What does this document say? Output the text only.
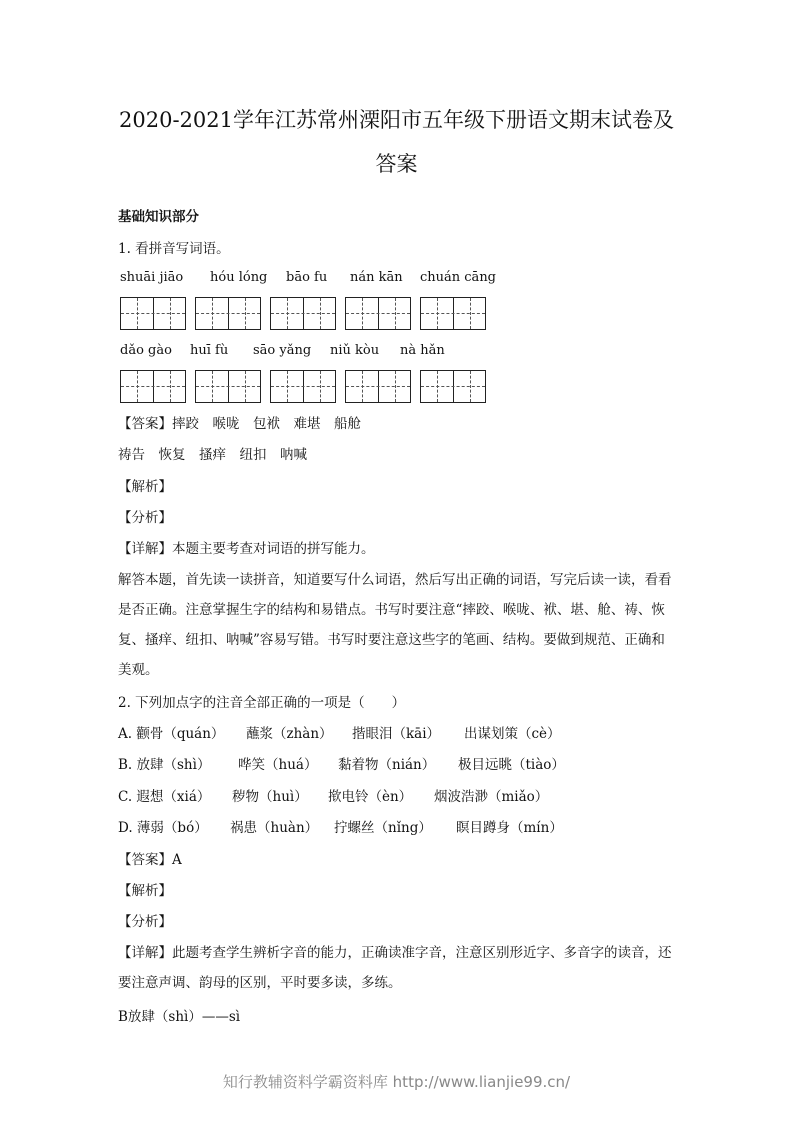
2020-2021学年江苏常州溧阳市五年级下册语文期末试卷及
答案
基础知识部分
1. 看拼音写词语。
shuāi jiāo hóu lóng bāo fu nán kān chuán cāng
dǎo gào huī fù sāo yǎng niǔ kòu nà hǎn
【答案】摔跤　喉咙　包袱　难堪　船舱
祷告　恢复　搔痒　纽扣　呐喊
【解析】
【分析】
【详解】本题主要考查对词语的拼写能力。
解答本题，首先读一读拼音，知道要写什么词语，然后写出正确的词语，写完后读一读，看看是否正确。注意掌握生字的结构和易错点。书写时要注意“摔跤、喉咙、袱、堪、舱、祷、恢复、搔痒、纽扣、呐喊”容易写错。书写时要注意这些字的笔画、结构。要做到规范、正确和美观。
2. 下列加点字的注音全部正确的一项是（　　）
A. 颧骨（quán） 蘸浆（zhàn） 揩眼泪（kāi） 出谋划策（cè）
B. 放肆（shì） 哗笑（huá） 黏着物（nián） 极目远眺（tiào）
C. 遐想（xiá） 秽物（huì） 揿电铃（èn） 烟波浩渺（miǎo）
D. 薄弱（bó） 祸患（huàn） 拧螺丝（nǐng） 瞑目蹲身（mín）
【答案】A
【解析】
【分析】
【详解】此题考查学生辨析字音的能力，正确读准字音，注意区别形近字、多音字的读音，还要注意声调、韵母的区别，平时要多读，多练。
B放肆（shì）——sì
知行教辅资料学霸资料库 http://www.lianjie99.cn/
